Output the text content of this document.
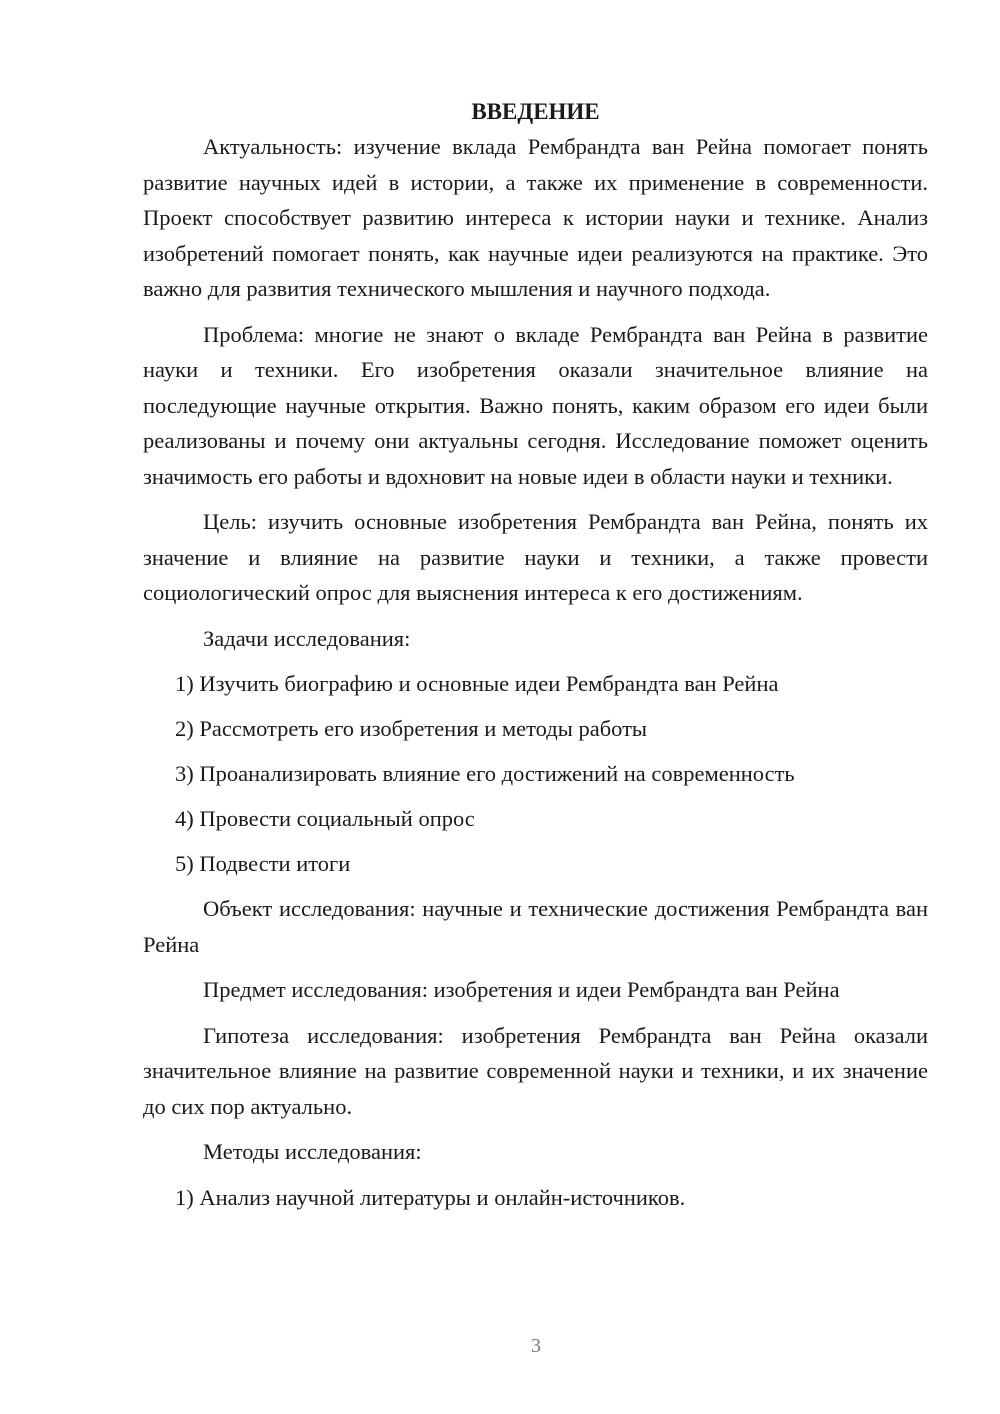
ВВЕДЕНИЕ

Актуальность: изучение вклада Рембрандта ван Рейна помогает понять развитие научных идей в истории, а также их применение в современности. Проект способствует развитию интереса к истории науки и технике. Анализ изобретений помогает понять, как научные идеи реализуются на практике. Это важно для развития технического мышления и научного подхода.

Проблема: многие не знают о вкладе Рембрандта ван Рейна в развитие науки и техники. Его изобретения оказали значительное влияние на последующие научные открытия. Важно понять, каким образом его идеи были реализованы и почему они актуальны сегодня. Исследование поможет оценить значимость его работы и вдохновит на новые идеи в области науки и техники.

Цель: изучить основные изобретения Рембрандта ван Рейна, понять их значение и влияние на развитие науки и техники, а также провести социологический опрос для выяснения интереса к его достижениям.

Задачи исследования:

1) Изучить биографию и основные идеи Рембрандта ван Рейна

2) Рассмотреть его изобретения и методы работы

3) Проанализировать влияние его достижений на современность

4) Провести социальный опрос

5) Подвести итоги

Объект исследования: научные и технические достижения Рембрандта ван Рейна

Предмет исследования: изобретения и идеи Рембрандта ван Рейна

Гипотеза исследования: изобретения Рембрандта ван Рейна оказали значительное влияние на развитие современной науки и техники, и их значение до сих пор актуально.

Методы исследования:

1) Анализ научной литературы и онлайн-источников.

3
